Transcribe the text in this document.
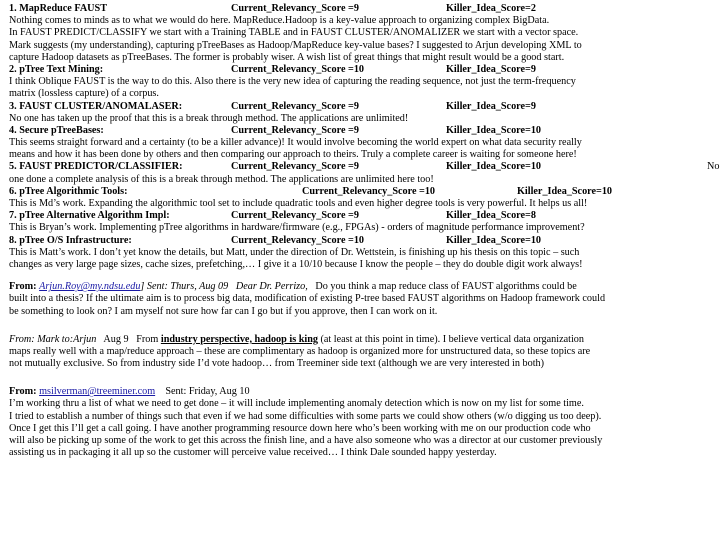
1. MapReduce FAUST	Current_Relevancy_Score =9	Killer_Idea_Score=2
Nothing comes to minds as to what we would do here. MapReduce.Hadoop is a key-value approach to organizing complex BigData.
In FAUST PREDICT/CLASSIFY we start with a Training TABLE and in FAUST CLUSTER/ANOMALIZER we start with a vector space.
Mark suggests (my understanding), capturing pTreeBases as Hadoop/MapReduce key-value bases? I suggested to Arjun developing XML to
capture Hadoop datasets as pTreeBases. The former is probably wiser. A wish list of great things that might result would be a good start.
2. pTree Text Mining:	Current_Relevancy_Score =10	Killer_Idea_Score=9
I think Oblique FAUST is the way to do this. Also there is the very new idea of capturing the reading sequence, not just the term-frequency
matrix (lossless capture) of a corpus.
3. FAUST CLUSTER/ANOMALASER:	Current_Relevancy_Score =9	Killer_Idea_Score=9
No one has taken up the proof that this is a break through method. The applications are unlimited!
4. Secure pTreeBases:	Current_Relevancy_Score =9	Killer_Idea_Score=10
This seems straight forward and a certainty (to be a killer advance)! It would involve becoming the world expert on what data security really
means and how it has been done by others and then comparing our approach to theirs. Truly a complete career is waiting for someone here!
5. FAUST PREDICTOR/CLASSIFIER:	Current_Relevancy_Score =9	Killer_Idea_Score=10	No
one done a complete analysis of this is a break through method. The applications are unlimited here too!
6. pTree Algorithmic Tools:	Current_Relevancy_Score =10	Killer_Idea_Score=10
This is Md’s work. Expanding the algorithmic tool set to include quadratic tools and even higher degree tools is very powerful. It helps us all!
7. pTree Alternative Algorithm Impl:	Current_Relevancy_Score =9	Killer_Idea_Score=8
This is Bryan’s work. Implementing pTree algorithms in hardware/firmware (e.g., FPGAs) - orders of magnitude performance improvement?
8. pTree O/S Infrastructure:	Current_Relevancy_Score =10	Killer_Idea_Score=10
This is Matt’s work. I don’t yet know the details, but Matt, under the direction of Dr. Wettstein, is finishing up his thesis on this topic – such
changes as very large page sizes, cache sizes, prefetching,… I give it a 10/10 because I know the people – they do double digit work always!
From: Arjun.Roy@my.ndsu.edu] Sent: Thurs, Aug 09 Dear Dr. Perrizo, Do you think a map reduce class of FAUST algorithms could be
built into a thesis? If the ultimate aim is to process big data, modification of existing P-tree based FAUST algorithms on Hadoop framework could
be something to look on? I am myself not sure how far can I go but if you approve, then I can work on it.
From: Mark to:Arjun Aug 9 From industry perspective, hadoop is king (at least at this point in time). I believe vertical data organization
maps really well with a map/reduce approach – these are complimentary as hadoop is organized more for unstructured data, so these topics are
not mutually exclusive. So from industry side I’d vote hadoop… from Treeminer side text (although we are very interested in both)
From: msilverman@treeminer.com Sent: Friday, Aug 10
I’m working thru a list of what we need to get done – it will include implementing anomaly detection which is now on my list for some time.
I tried to establish a number of things such that even if we had some difficulties with some parts we could show others (w/o digging us too deep).
Once I get this I’ll get a call going. I have another programming resource down here who’s been working with me on our production code who
will also be picking up some of the work to get this across the finish line, and a have also someone who was a director at our customer previously
assisting us in packaging it all up so the customer will perceive value received… I think Dale sounded happy yesterday.
